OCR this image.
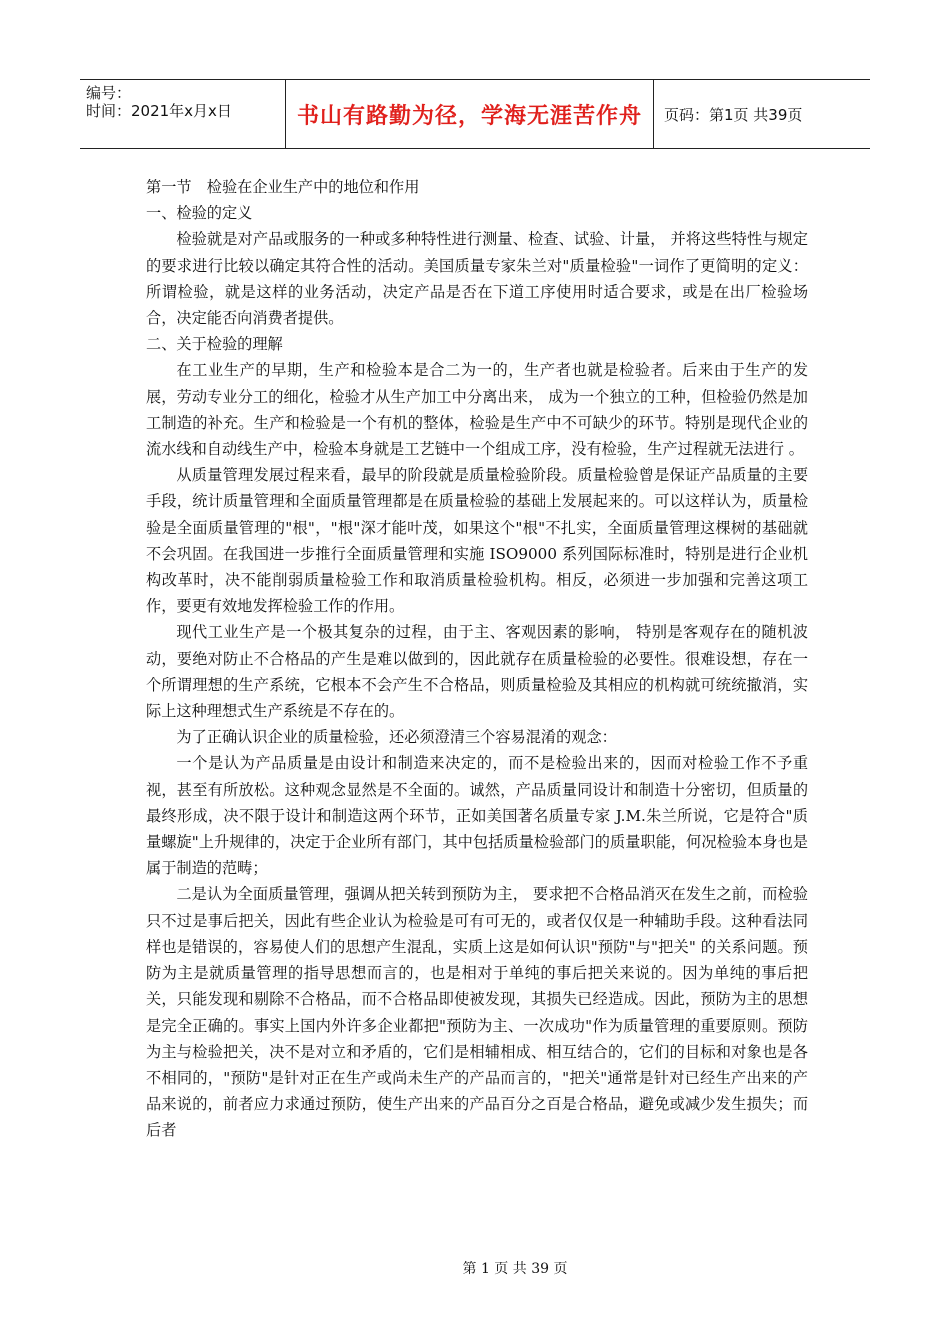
编号：
时间：2021年x月x日	书山有路勤为径，学海无涯苦作舟	页码：第1页 共39页

第一节　检验在企业生产中的地位和作用

一、检验的定义

检验就是对产品或服务的一种或多种特性进行测量、检查、试验、计量， 并将这些特性与规定的要求进行比较以确定其符合性的活动。美国质量专家朱兰对"质量检验"一词作了更简明的定义：所谓检验，就是这样的业务活动，决定产品是否在下道工序使用时适合要求，或是在出厂检验场合，决定能否向消费者提供。

二、关于检验的理解

在工业生产的早期，生产和检验本是合二为一的，生产者也就是检验者。后来由于生产的发展，劳动专业分工的细化，检验才从生产加工中分离出来， 成为一个独立的工种，但检验仍然是加工制造的补充。生产和检验是一个有机的整体，检验是生产中不可缺少的环节。特别是现代企业的流水线和自动线生产中，检验本身就是工艺链中一个组成工序，没有检验，生产过程就无法进行 。

从质量管理发展过程来看，最早的阶段就是质量检验阶段。质量检验曾是保证产品质量的主要手段，统计质量管理和全面质量管理都是在质量检验的基础上发展起来的。可以这样认为，质量检验是全面质量管理的"根"，"根"深才能叶茂，如果这个"根"不扎实，全面质量管理这棵树的基础就不会巩固。在我国进一步推行全面质量管理和实施 ISO9000 系列国际标准时，特别是进行企业机构改革时，决不能削弱质量检验工作和取消质量检验机构。相反，必须进一步加强和完善这项工作，要更有效地发挥检验工作的作用。

现代工业生产是一个极其复杂的过程，由于主、客观因素的影响， 特别是客观存在的随机波动，要绝对防止不合格品的产生是难以做到的，因此就存在质量检验的必要性。很难设想，存在一个所谓理想的生产系统，它根本不会产生不合格品，则质量检验及其相应的机构就可统统撤消，实际上这种理想式生产系统是不存在的。

为了正确认识企业的质量检验，还必须澄清三个容易混淆的观念：

一个是认为产品质量是由设计和制造来决定的，而不是检验出来的，因而对检验工作不予重视，甚至有所放松。这种观念显然是不全面的。诚然，产品质量同设计和制造十分密切，但质量的最终形成，决不限于设计和制造这两个环节，正如美国著名质量专家 J.M.朱兰所说，它是符合"质量螺旋"上升规律的，决定于企业所有部门，其中包括质量检验部门的质量职能，何况检验本身也是属于制造的范畴；

二是认为全面质量管理，强调从把关转到预防为主， 要求把不合格品消灭在发生之前，而检验只不过是事后把关，因此有些企业认为检验是可有可无的，或者仅仅是一种辅助手段。这种看法同样也是错误的，容易使人们的思想产生混乱，实质上这是如何认识"预防"与"把关" 的关系问题。预防为主是就质量管理的指导思想而言的，也是相对于单纯的事后把关来说的。因为单纯的事后把关，只能发现和剔除不合格品，而不合格品即使被发现，其损失已经造成。因此，预防为主的思想是完全正确的。事实上国内外许多企业都把"预防为主、一次成功"作为质量管理的重要原则。预防为主与检验把关，决不是对立和矛盾的，它们是相辅相成、相互结合的，它们的目标和对象也是各不相同的，"预防"是针对正在生产或尚未生产的产品而言的，"把关"通常是针对已经生产出来的产品来说的，前者应力求通过预防，使生产出来的产品百分之百是合格品，避免或减少发生损失；而后者

第 1 页 共 39 页
